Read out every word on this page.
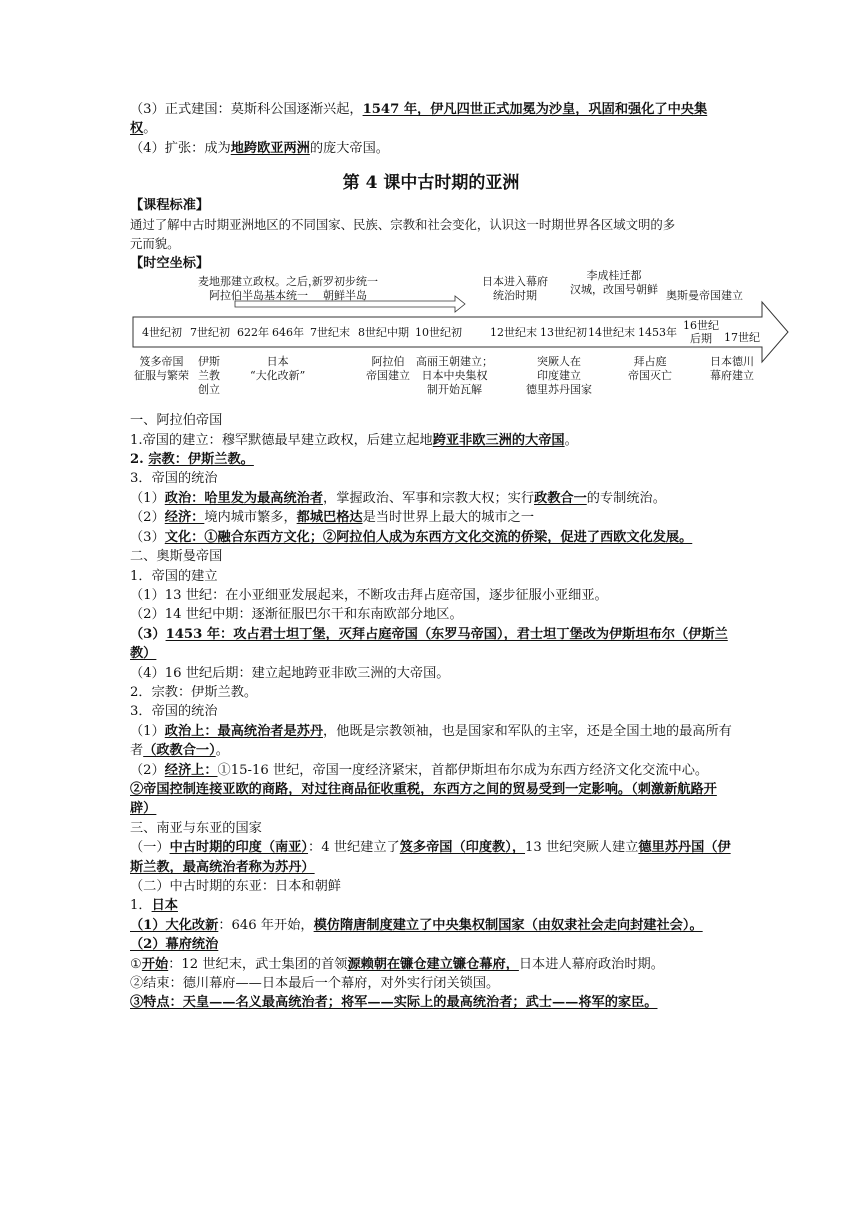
（3）正式建国：莫斯科公国逐渐兴起，1547 年，伊凡四世正式加冕为沙皇，巩固和强化了中央集权。

（4）扩张：成为地跨欧亚两洲的庞大帝国。

第 4 课中古时期的亚洲

【课程标准】

通过了解中古时期亚洲地区的不同国家、民族、宗教和社会变化，认识这一时期世界各区域文明的多
元而貌。

【时空坐标】

麦地那建立政权。之后，
阿拉伯半岛基本统一
新罗初步统一
朝鲜半岛
日本进入幕府
统治时期
李成桂迁都
汉城，改国号朝鲜 奥斯曼帝国建立
4世纪初 7世纪初 622年 646年 7世纪末 8世纪中期 10世纪初	12世纪末 13世纪初 14世纪末 1453年
16世纪
后期	17世纪
笈多帝国
征服与繁荣
伊斯
兰教
创立
日本
“大化改新”
阿拉伯
帝国建立
高丽王朝建立；
日本中央集权
制开始瓦解
突厥人在
印度建立
德里苏丹国家
拜占庭
帝国灭亡
日本德川
幕府建立

一、阿拉伯帝国

1.帝国的建立：穆罕默德最早建立政权，后建立起地跨亚非欧三洲的大帝国。

2. 宗教：伊斯兰教。

3．帝国的统治

（1）政治：哈里发为最高统治者，掌握政治、军事和宗教大权；实行政教合一的专制统治。

（2）经济：境内城市繁多，都城巴格达是当时世界上最大的城市之一

（3）文化：①融合东西方文化；②阿拉伯人成为东西方文化交流的侨梁，促进了西欧文化发展。

二、奥斯曼帝国

1．帝国的建立

（1）13 世纪：在小亚细亚发展起来，不断攻击拜占庭帝国，逐步征服小亚细亚。

（2）14 世纪中期：逐渐征服巴尔干和东南欧部分地区。

（3）1453 年：攻占君士坦丁堡，灭拜占庭帝国（东罗马帝国），君士坦丁堡改为伊斯坦布尔（伊斯兰教）

（4）16 世纪后期：建立起地跨亚非欧三洲的大帝国。

2．宗教：伊斯兰教。

3．帝国的统治

（1）政治上：最高统治者是苏丹，他既是宗教领袖，也是国家和军队的主宰，还是全国土地的最高所有者（政教合一）。

（2）经济上：①15-16 世纪，帝国一度经济紧宋，首都伊斯坦布尔成为东西方经济文化交流中心。

②帝国控制连接亚欧的商路，对过往商品征收重税，东西方之间的贸易受到一定影响。（刺激新航路开辟）

三、南亚与东亚的国家

（一）中古时期的印度（南亚）：4 世纪建立了笈多帝国（印度教），13 世纪突厥人建立德里苏丹国（伊斯兰教，最高统治者称为苏丹）

（二）中古时期的东亚：日本和朝鲜

1．日本

（1）大化改新：646 年开始，模仿隋唐制度建立了中央集权制国家（由奴隶社会走向封建社会）。

（2）幕府统治

①开始：12 世纪末，武士集团的首领源赖朝在镰仓建立镰仓幕府，日本进人幕府政治时期。

②结束：德川幕府——日本最后一个幕府，对外实行闭关锁国。

③特点：天皇——名义最高统治者；将军——实际上的最高统治者；武士——将军的家臣。
